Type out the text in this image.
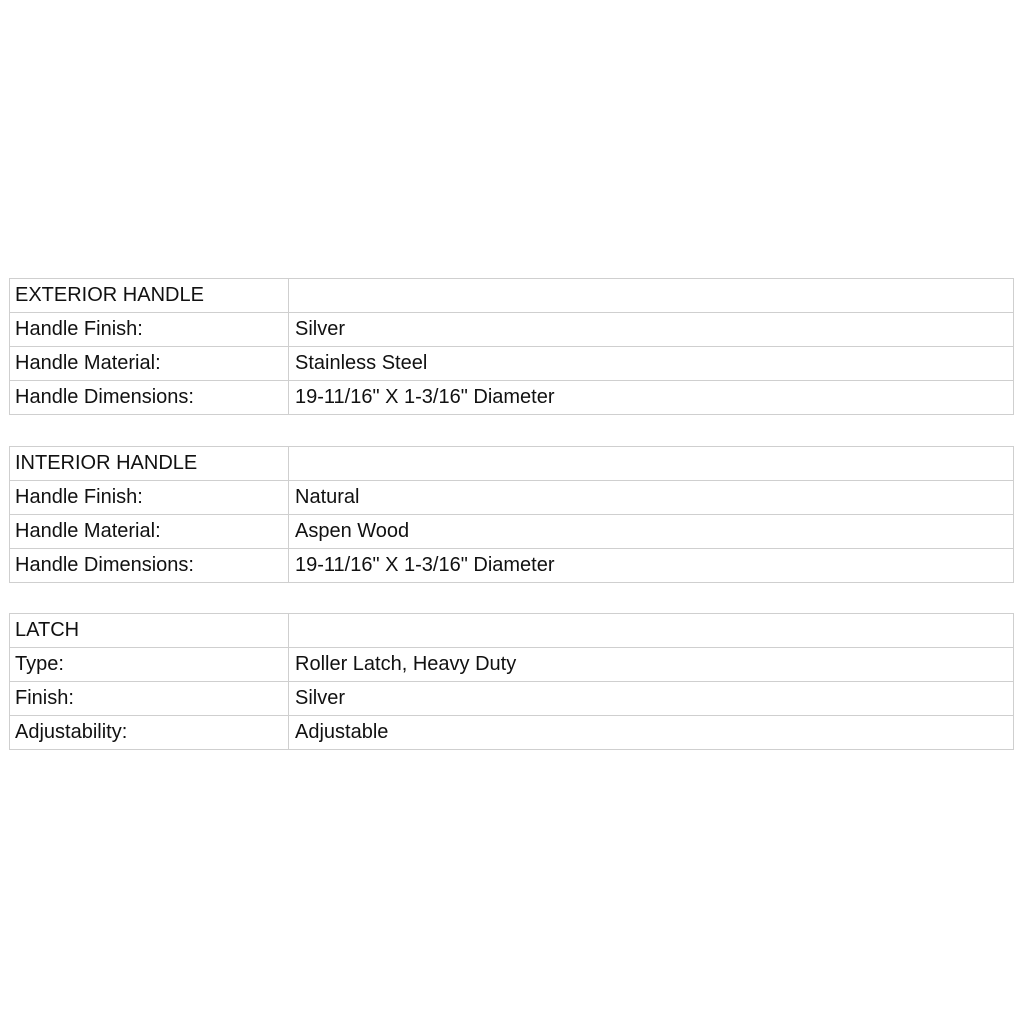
EXTERIOR HANDLE	
Handle Finish:	Silver
Handle Material:	Stainless Steel
Handle Dimensions:	19-11/16" X 1-3/16" Diameter
INTERIOR HANDLE	
Handle Finish:	Natural
Handle Material:	Aspen Wood
Handle Dimensions:	19-11/16" X 1-3/16" Diameter
LATCH	
Type:	Roller Latch, Heavy Duty
Finish:	Silver
Adjustability:	Adjustable
